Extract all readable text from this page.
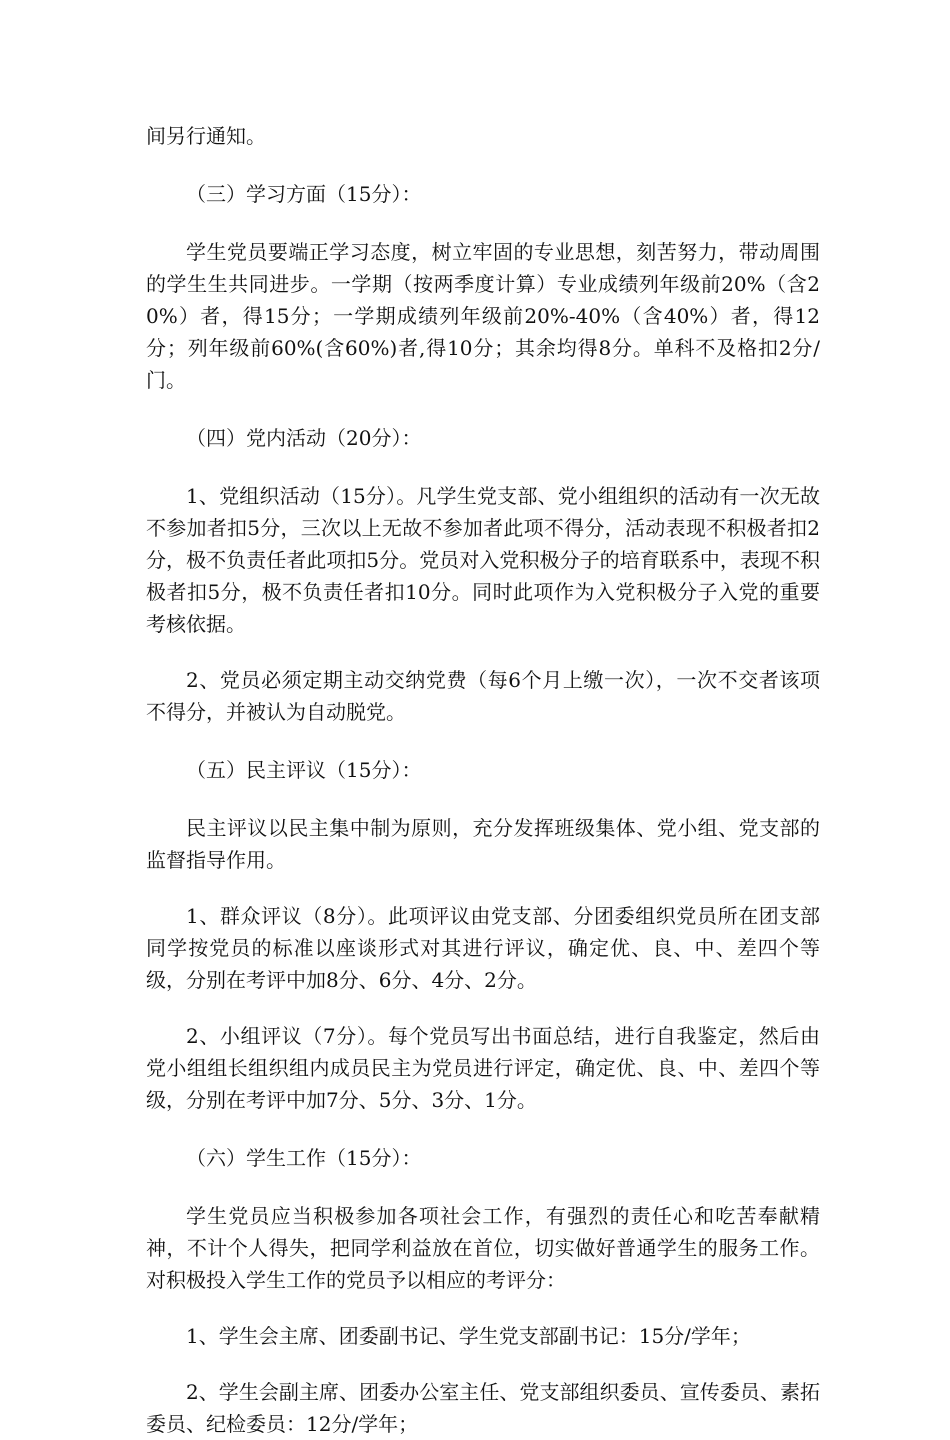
间另行通知。

（三）学习方面（15分）：

学生党员要端正学习态度，树立牢固的专业思想，刻苦努力，带动周围的学生生共同进步。一学期（按两季度计算）专业成绩列年级前20%（含20%）者，得15分；一学期成绩列年级前20%-40%（含40%）者，得12分；列年级前60%(含60%)者,得10分；其余均得8分。单科不及格扣2分/门。

（四）党内活动（20分）：

1、党组织活动（15分）。凡学生党支部、党小组组织的活动有一次无故不参加者扣5分，三次以上无故不参加者此项不得分，活动表现不积极者扣2分，极不负责任者此项扣5分。党员对入党积极分子的培育联系中，表现不积极者扣5分，极不负责任者扣10分。同时此项作为入党积极分子入党的重要考核依据。

2、党员必须定期主动交纳党费（每6个月上缴一次），一次不交者该项不得分，并被认为自动脱党。

（五）民主评议（15分）：

民主评议以民主集中制为原则，充分发挥班级集体、党小组、党支部的监督指导作用。

1、群众评议（8分）。此项评议由党支部、分团委组织党员所在团支部同学按党员的标准以座谈形式对其进行评议，确定优、良、中、差四个等级，分别在考评中加8分、6分、4分、2分。

2、小组评议（7分）。每个党员写出书面总结，进行自我鉴定，然后由党小组组长组织组内成员民主为党员进行评定，确定优、良、中、差四个等级，分别在考评中加7分、5分、3分、1分。

（六）学生工作（15分）：

学生党员应当积极参加各项社会工作，有强烈的责任心和吃苦奉献精神，不计个人得失，把同学利益放在首位，切实做好普通学生的服务工作。对积极投入学生工作的党员予以相应的考评分：

1、学生会主席、团委副书记、学生党支部副书记：15分/学年；

2、学生会副主席、团委办公室主任、党支部组织委员、宣传委员、素拓委员、纪检委员：12分/学年；
